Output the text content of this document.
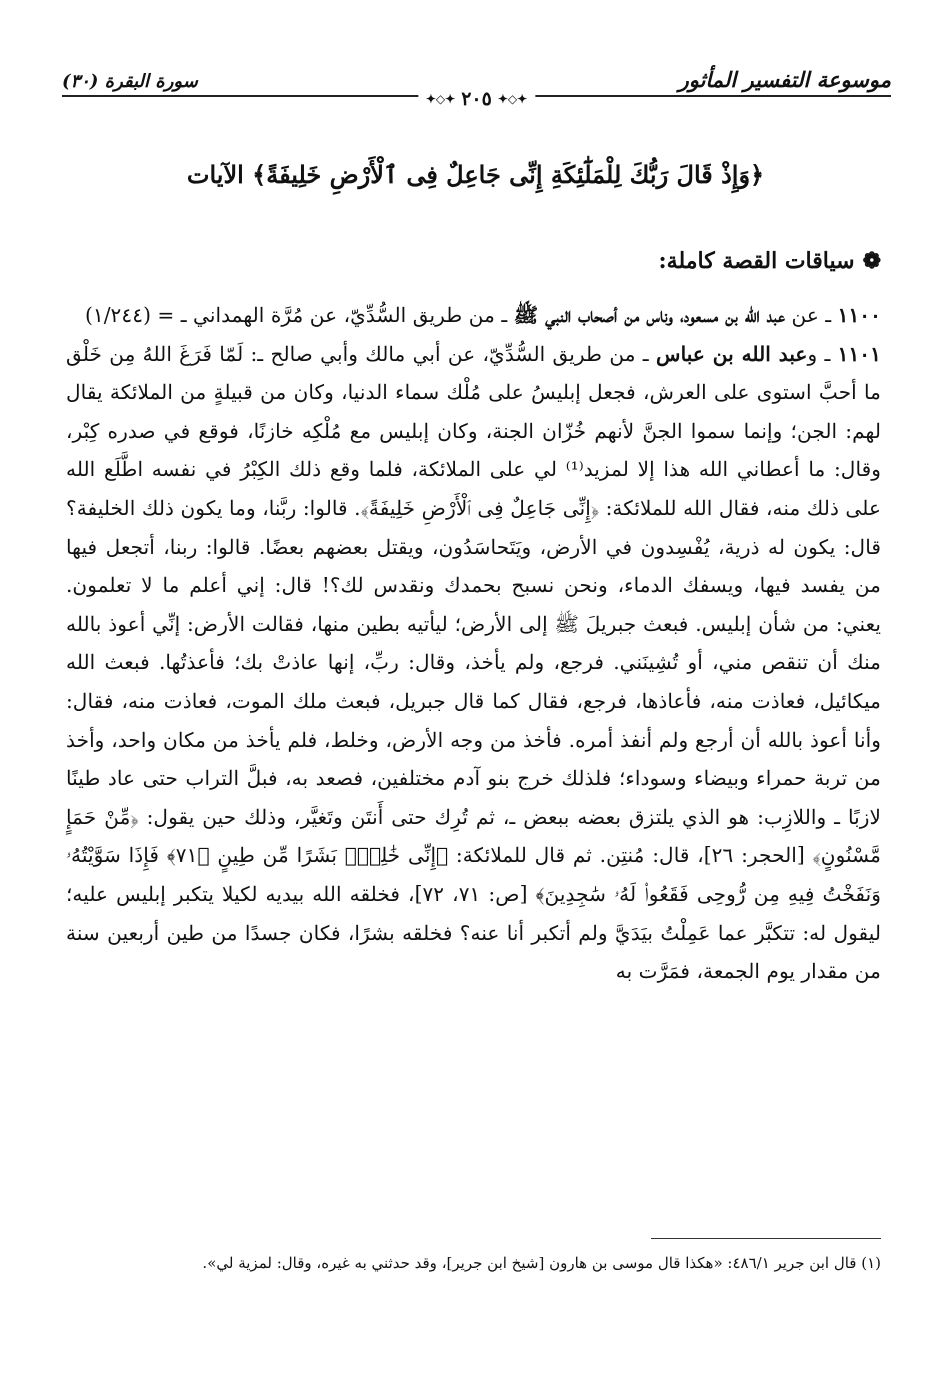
موسوعة التفسير المأثور
سورة البقرة (٣٠)
✦◇✦
٢٠٥
✦◇✦
﴿وَإِذْ قَالَ رَبُّكَ لِلْمَلَٰٓئِكَةِ إِنِّى جَاعِلٌ فِى ٱلْأَرْضِ خَلِيفَةً﴾ الآيات
❁
سياقات القصة كاملة:

١١٠٠ ـ عن عبد الله بن مسعود، وناس من أصحاب النبي ﷺ ـ من طريق السُّدِّيّ، عن مُرَّة الهمداني ـ = (١/٢٤٤)

١١٠١ ـ وعبد الله بن عباس ـ من طريق السُّدِّيّ، عن أبي مالك وأبي صالح ـ: لَمّا فَرَغَ اللهُ مِن خَلْق ما أحبَّ استوى على العرش، فجعل إبليسُ على مُلْك سماء الدنيا، وكان من قبيلةٍ من الملائكة يقال لهم: الجن؛ وإنما سموا الجنَّ لأنهم خُزّان الجنة، وكان إبليس مع مُلْكِه خازنًا، فوقع في صدره كِبْر، وقال: ما أعطاني الله هذا إلا لمزيد⁽¹⁾ لي على الملائكة، فلما وقع ذلك الكِبْرُ في نفسه اطَّلَع الله على ذلك منه، فقال الله للملائكة: ﴿إِنِّى جَاعِلٌ فِى ٱلْأَرْضِ خَلِيفَةً﴾. قالوا: ربَّنا، وما يكون ذلك الخليفة؟ قال: يكون له ذرية، يُفْسِدون في الأرض، ويَتَحاسَدُون، ويقتل بعضهم بعضًا. قالوا: ربنا، أتجعل فيها من يفسد فيها، ويسفك الدماء، ونحن نسبح بحمدك ونقدس لك؟! قال: إني أعلم ما لا تعلمون. يعني: من شأن إبليس. فبعث جبريلَ ﷺ إلى الأرض؛ ليأتيه بطين منها، فقالت الأرض: إنِّي أعوذ بالله منك أن تنقص مني، أو تُشِينَني. فرجع، ولم يأخذ، وقال: ربِّ، إنها عاذتْ بك؛ فأعذتُها. فبعث الله ميكائيل، فعاذت منه، فأعاذها، فرجع، فقال كما قال جبريل، فبعث ملك الموت، فعاذت منه، فقال: وأنا أعوذ بالله أن أرجع ولم أنفذ أمره. فأخذ من وجه الأرض، وخلط، فلم يأخذ من مكان واحد، وأخذ من تربة حمراء وبيضاء وسوداء؛ فلذلك خرج بنو آدم مختلفين، فصعد به، فبلَّ التراب حتى عاد طينًا لازبًا ـ واللازِب: هو الذي يلتزق بعضه ببعض ـ، ثم تُرِك حتى أَنتَن وتَغيَّر، وذلك حين يقول: ﴿مِّنْ حَمَإٍ مَّسْنُونٍ﴾ [الحجر: ٢٦]، قال: مُنتِن. ثم قال للملائكة: ﴿إِنِّى خَٰلِقٌۢ بَشَرًا مِّن طِينٍ ﴿٧١﴾ فَإِذَا سَوَّيْتُهُۥ وَنَفَخْتُ فِيهِ مِن رُّوحِى فَقَعُوا۟ لَهُۥ سَٰجِدِينَ﴾ [ص: ٧١، ٧٢]، فخلقه الله بيديه لكيلا يتكبر إبليس عليه؛ ليقول له: تتكبَّر عما عَمِلْتُ بيَدَيَّ ولم أتكبر أنا عنه؟ فخلقه بشرًا، فكان جسدًا من طين أربعين سنة من مقدار يوم الجمعة، فمَرَّت به

(١) قال ابن جرير ٤٨٦/١: «هكذا قال موسى بن هارون [شيخ ابن جرير]، وقد حدثني به غيره، وقال: لمزية لي».
